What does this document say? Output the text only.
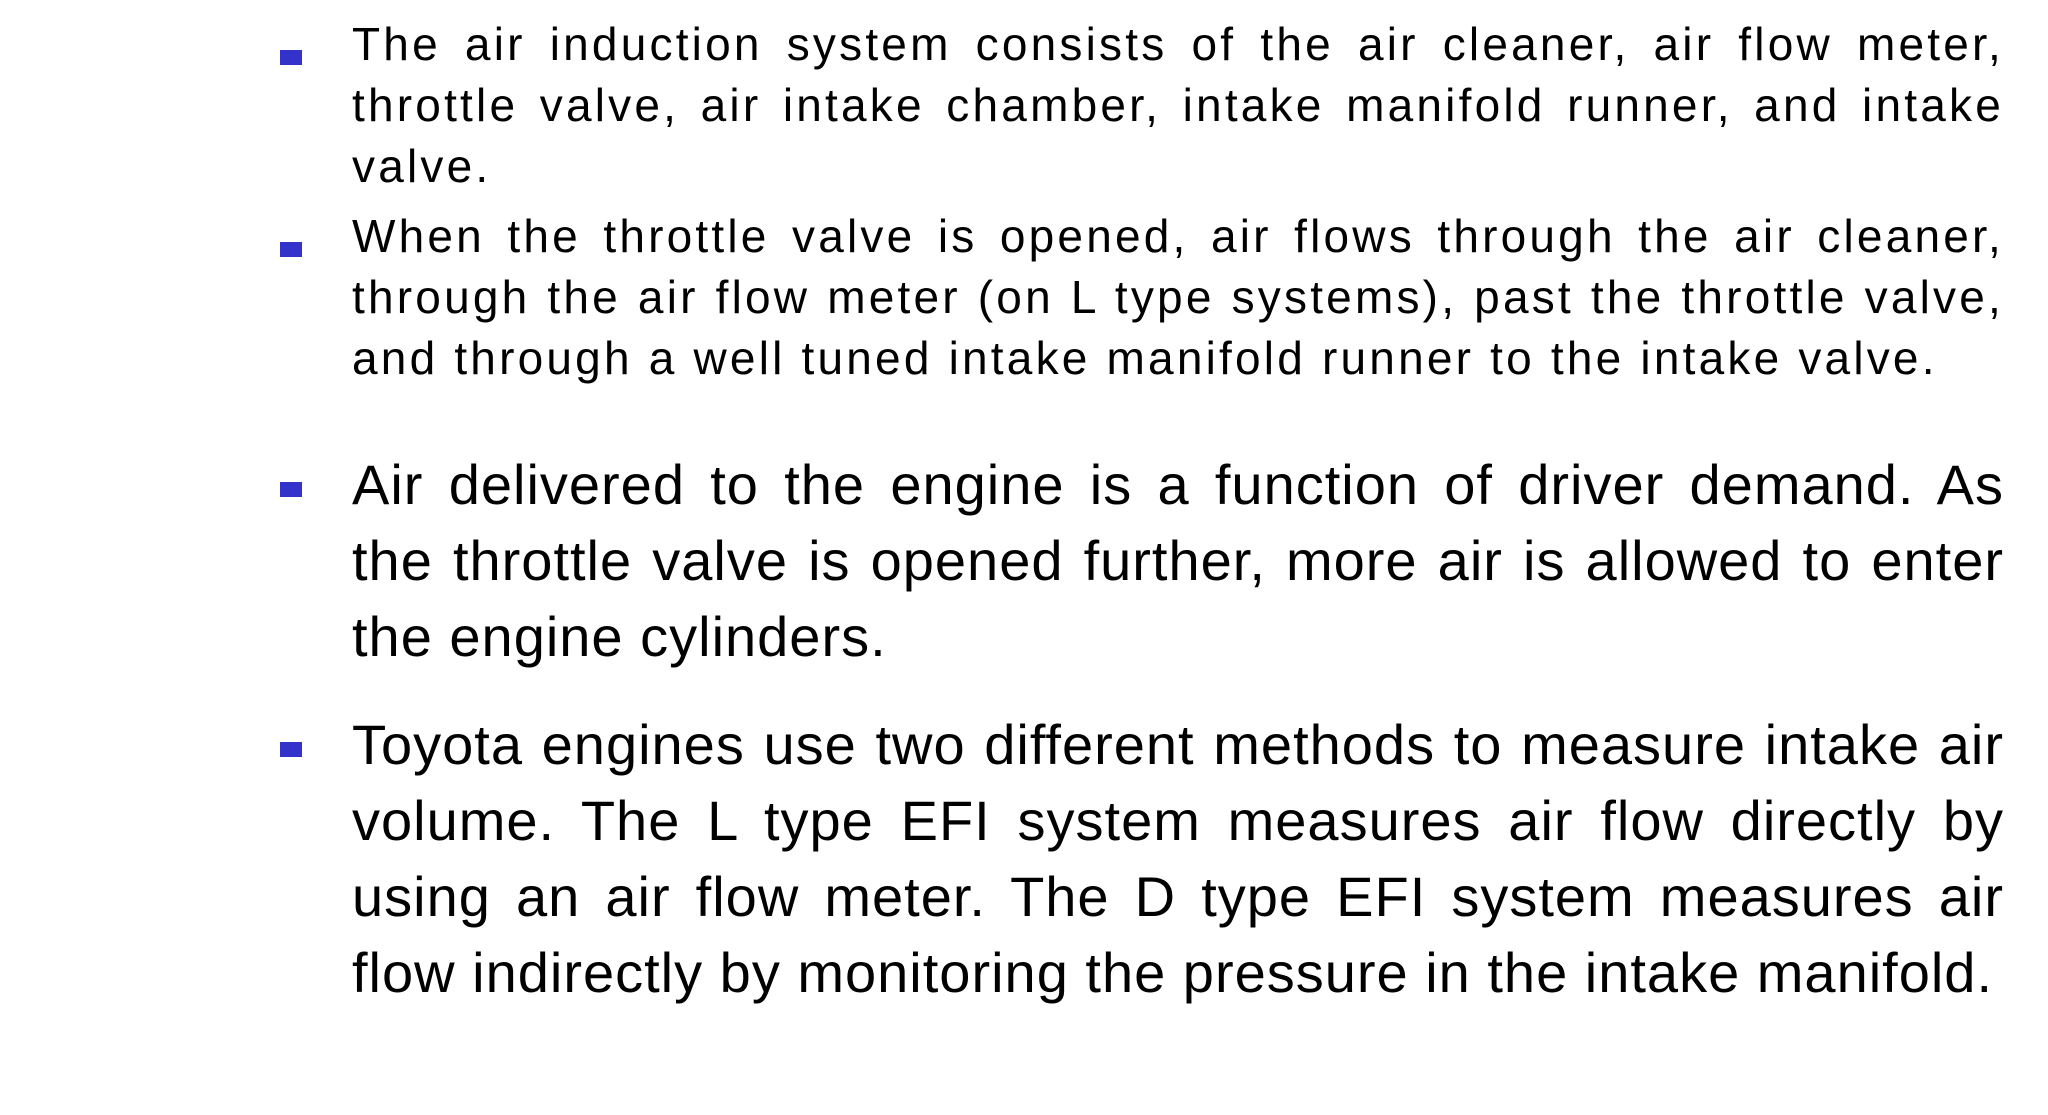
The air induction system consists of the air cleaner, air flow meter, throttle valve, air intake chamber, intake manifold runner, and intake valve.

When the throttle valve is opened, air flows through the air cleaner, through the air flow meter (on L type systems), past the throttle valve, and through a well tuned intake manifold runner to the intake valve.

Air delivered to the engine is a function of driver demand. As the throttle valve is opened further, more air is allowed to enter the engine cylinders.

Toyota engines use two different methods to measure intake air volume. The L type EFI system measures air flow directly by using an air flow meter. The D type EFI system measures air flow indirectly by monitoring the pressure in the intake manifold.
